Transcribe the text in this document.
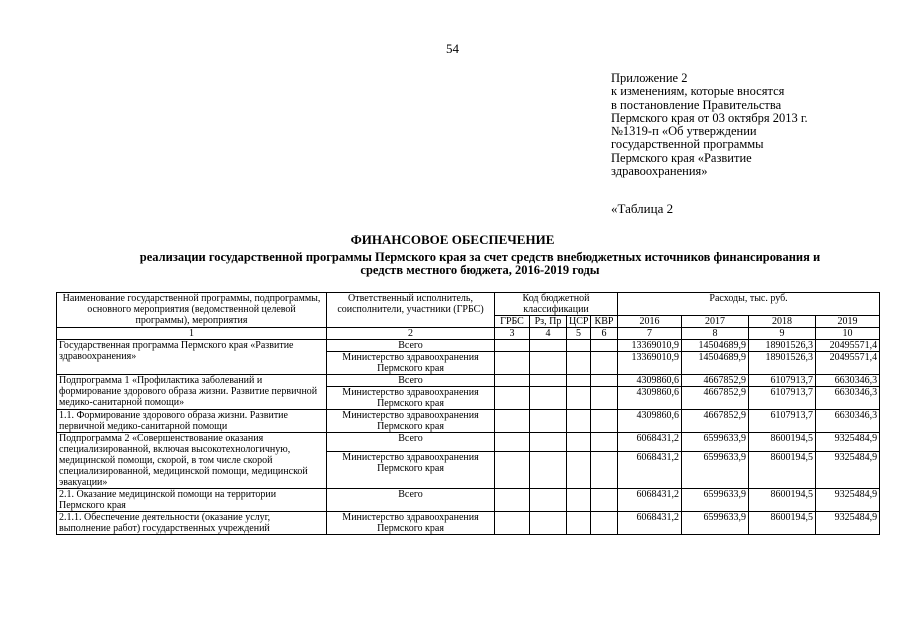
54
Приложение 2
к изменениям, которые вносятся
в постановление Правительства
Пермского края от 03 октября 2013 г.
№1319-п «Об утверждении
государственной программы
Пермского края «Развитие
здравоохранения»
«Таблица 2
ФИНАНСОВОЕ ОБЕСПЕЧЕНИЕ
реализации государственной программы Пермского края за счет средств внебюджетных источников финансирования и средств местного бюджета, 2016-2019 годы
Наименование государственной программы, подпрограммы, основного мероприятия (ведомственной целевой программы), мероприятия	Ответственный исполнитель, соисполнители, участники (ГРБС)	Код бюджетной классификации				Расходы, тыс. руб.			
		ГРБС	Рз, Пр	ЦСР	КВР	2016	2017	2018	2019
1	2	3	4	5	6	7	8	9	10
Государственная программа Пермского края «Развитие здравоохранения»	Всего					13369010,9	14504689,9	18901526,3	20495571,4
	Министерство здравоохранения Пермского края					13369010,9	14504689,9	18901526,3	20495571,4
Подпрограмма 1 «Профилактика заболеваний и формирование здорового образа жизни. Развитие первичной медико-санитарной помощи»	Всего					4309860,6	4667852,9	6107913,7	6630346,3
	Министерство здравоохранения Пермского края					4309860,6	4667852,9	6107913,7	6630346,3
1.1. Формирование здорового образа жизни. Развитие первичной медико-санитарной помощи	Министерство здравоохранения Пермского края					4309860,6	4667852,9	6107913,7	6630346,3
Подпрограмма 2 «Совершенствование оказания специализированной, включая высокотехнологичную, медицинской помощи, скорой, в том числе скорой специализированной, медицинской помощи, медицинской эвакуации»	Всего					6068431,2	6599633,9	8600194,5	9325484,9
	Министерство здравоохранения Пермского края					6068431,2	6599633,9	8600194,5	9325484,9
2.1. Оказание медицинской помощи на территории Пермского края	Всего					6068431,2	6599633,9	8600194,5	9325484,9
2.1.1. Обеспечение деятельности (оказание услуг, выполнение работ) государственных учреждений	Министерство здравоохранения Пермского края					6068431,2	6599633,9	8600194,5	9325484,9
